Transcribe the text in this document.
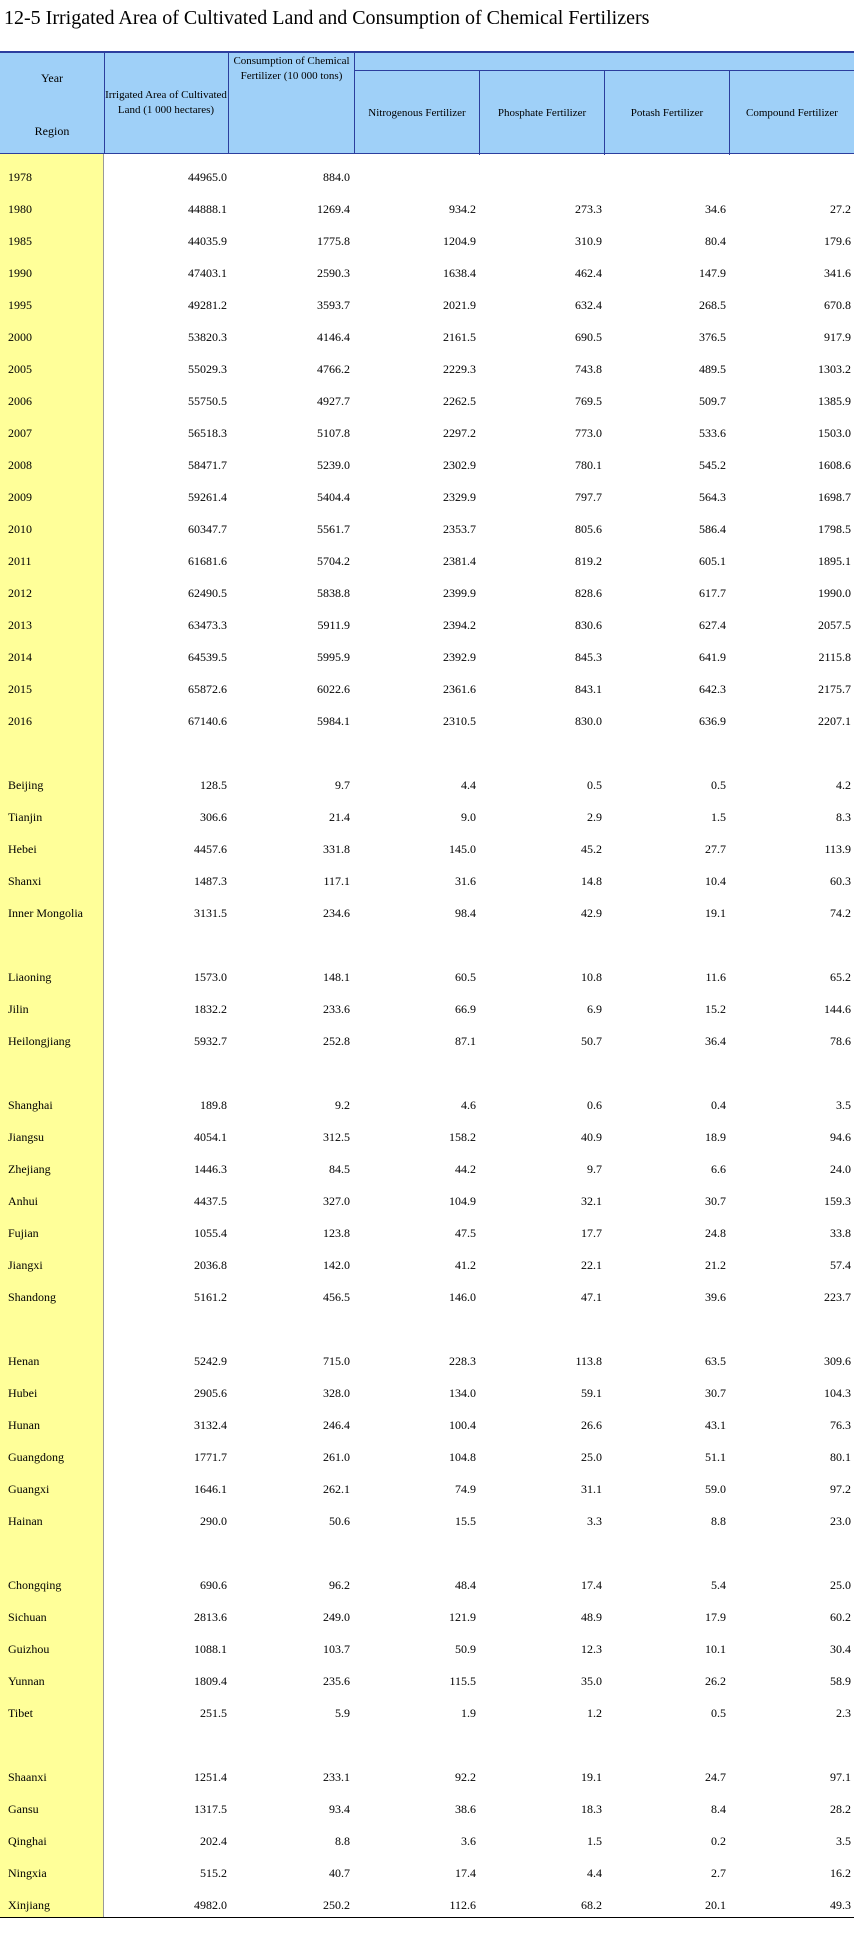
12-5 Irrigated Area of Cultivated Land and Consumption of Chemical Fertilizers
Year
Region
Irrigated Area of Cultivated Land (1 000 hectares)
Consumption of Chemical Fertilizer (10 000 tons)
Nitrogenous Fertilizer	Phosphate Fertilizer	Potash Fertilizer	Compound Fertilizer
1978	44965.0	884.0
1980	44888.1	1269.4	934.2	273.3	34.6	27.2
1985	44035.9	1775.8	1204.9	310.9	80.4	179.6
1990	47403.1	2590.3	1638.4	462.4	147.9	341.6
1995	49281.2	3593.7	2021.9	632.4	268.5	670.8
2000	53820.3	4146.4	2161.5	690.5	376.5	917.9
2005	55029.3	4766.2	2229.3	743.8	489.5	1303.2
2006	55750.5	4927.7	2262.5	769.5	509.7	1385.9
2007	56518.3	5107.8	2297.2	773.0	533.6	1503.0
2008	58471.7	5239.0	2302.9	780.1	545.2	1608.6
2009	59261.4	5404.4	2329.9	797.7	564.3	1698.7
2010	60347.7	5561.7	2353.7	805.6	586.4	1798.5
2011	61681.6	5704.2	2381.4	819.2	605.1	1895.1
2012	62490.5	5838.8	2399.9	828.6	617.7	1990.0
2013	63473.3	5911.9	2394.2	830.6	627.4	2057.5
2014	64539.5	5995.9	2392.9	845.3	641.9	2115.8
2015	65872.6	6022.6	2361.6	843.1	642.3	2175.7
2016	67140.6	5984.1	2310.5	830.0	636.9	2207.1
Beijing	128.5	9.7	4.4	0.5	0.5	4.2
Tianjin	306.6	21.4	9.0	2.9	1.5	8.3
Hebei	4457.6	331.8	145.0	45.2	27.7	113.9
Shanxi	1487.3	117.1	31.6	14.8	10.4	60.3
Inner Mongolia	3131.5	234.6	98.4	42.9	19.1	74.2
Liaoning	1573.0	148.1	60.5	10.8	11.6	65.2
Jilin	1832.2	233.6	66.9	6.9	15.2	144.6
Heilongjiang	5932.7	252.8	87.1	50.7	36.4	78.6
Shanghai	189.8	9.2	4.6	0.6	0.4	3.5
Jiangsu	4054.1	312.5	158.2	40.9	18.9	94.6
Zhejiang	1446.3	84.5	44.2	9.7	6.6	24.0
Anhui	4437.5	327.0	104.9	32.1	30.7	159.3
Fujian	1055.4	123.8	47.5	17.7	24.8	33.8
Jiangxi	2036.8	142.0	41.2	22.1	21.2	57.4
Shandong	5161.2	456.5	146.0	47.1	39.6	223.7
Henan	5242.9	715.0	228.3	113.8	63.5	309.6
Hubei	2905.6	328.0	134.0	59.1	30.7	104.3
Hunan	3132.4	246.4	100.4	26.6	43.1	76.3
Guangdong	1771.7	261.0	104.8	25.0	51.1	80.1
Guangxi	1646.1	262.1	74.9	31.1	59.0	97.2
Hainan	290.0	50.6	15.5	3.3	8.8	23.0
Chongqing	690.6	96.2	48.4	17.4	5.4	25.0
Sichuan	2813.6	249.0	121.9	48.9	17.9	60.2
Guizhou	1088.1	103.7	50.9	12.3	10.1	30.4
Yunnan	1809.4	235.6	115.5	35.0	26.2	58.9
Tibet	251.5	5.9	1.9	1.2	0.5	2.3
Shaanxi	1251.4	233.1	92.2	19.1	24.7	97.1
Gansu	1317.5	93.4	38.6	18.3	8.4	28.2
Qinghai	202.4	8.8	3.6	1.5	0.2	3.5
Ningxia	515.2	40.7	17.4	4.4	2.7	16.2
Xinjiang	4982.0	250.2	112.6	68.2	20.1	49.3
